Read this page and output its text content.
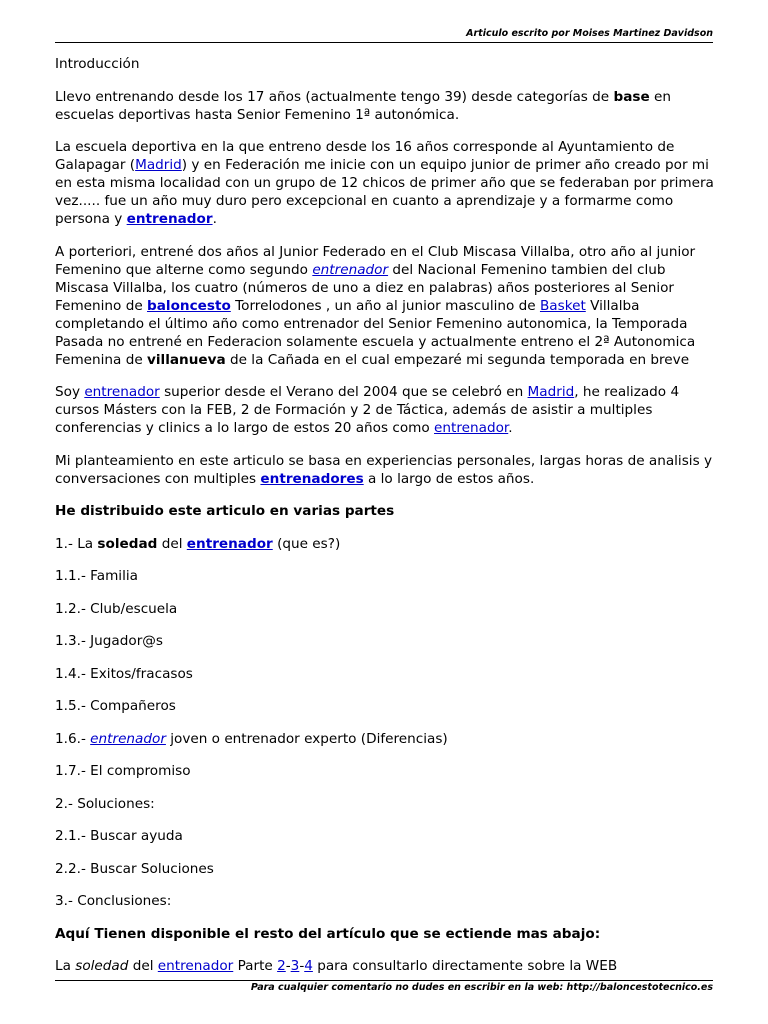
Articulo escrito por Moises Martinez Davidson

Introducción

Llevo entrenando desde los 17 años (actualmente tengo 39) desde categorías de base en escuelas deportivas hasta Senior Femenino 1ª autonómica.

La escuela deportiva en la que entreno desde los 16 años corresponde al Ayuntamiento de Galapagar (Madrid) y en Federación me inicie con un equipo junior de primer año creado por mi en esta misma localidad con un grupo de 12 chicos de primer año que se federaban por primera vez..... fue un año muy duro pero excepcional en cuanto a aprendizaje y a formarme como persona y entrenador.

A porteriori, entrené dos años al Junior Federado en el Club Miscasa Villalba, otro año al junior Femenino que alterne como segundo entrenador del Nacional Femenino tambien del club Miscasa Villalba, los cuatro (números de uno a diez en palabras) años posteriores al Senior Femenino de baloncesto Torrelodones , un año al junior masculino de Basket Villalba completando el último año como entrenador del Senior Femenino autonomica, la Temporada Pasada no entrené en Federacion solamente escuela y actualmente entreno el 2ª Autonomica Femenina de villanueva de la Cañada en el cual empezaré mi segunda temporada en breve

Soy entrenador superior desde el Verano del 2004 que se celebró en Madrid, he realizado 4 cursos Másters con la FEB, 2 de Formación y 2 de Táctica, además de asistir a multiples conferencias y clinics a lo largo de estos 20 años como entrenador.

Mi planteamiento en este articulo se basa en experiencias personales, largas horas de analisis y conversaciones con multiples entrenadores a lo largo de estos años.

He distribuido este articulo en varias partes

1.- La soledad del entrenador (que es?)

1.1.- Familia

1.2.- Club/escuela

1.3.- Jugador@s

1.4.- Exitos/fracasos

1.5.- Compañeros

1.6.- entrenador joven o entrenador experto (Diferencias)

1.7.- El compromiso

2.- Soluciones:

2.1.- Buscar ayuda

2.2.- Buscar Soluciones

3.- Conclusiones:

Aquí Tienen disponible el resto del artículo que se ectiende mas abajo:

La soledad del entrenador Parte 2-3-4 para consultarlo directamente sobre la WEB

Para cualquier comentario no dudes en escribir en la web: http://baloncestotecnico.es
